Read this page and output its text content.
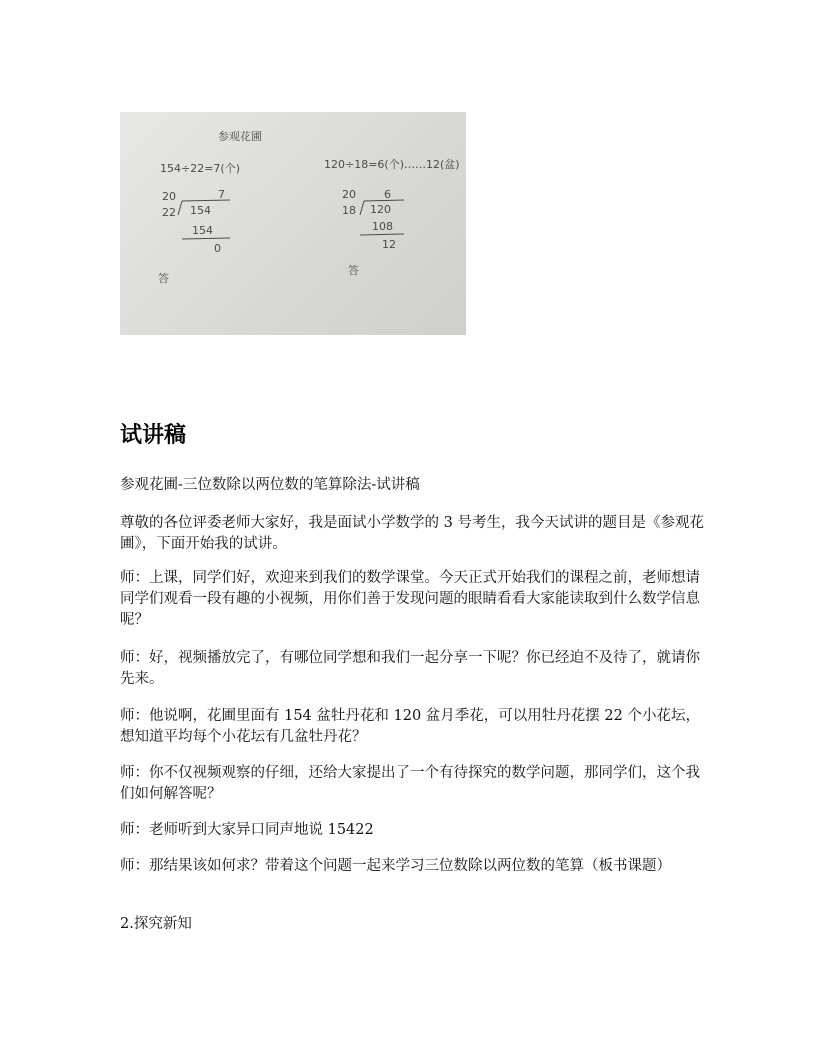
参观花圃
154÷22=7(个)	120÷18=6(个)……12(盆)
20	7
22 154
154
0
答
20	6
18 120
108
12
答
试讲稿
参观花圃-三位数除以两位数的笔算除法-试讲稿
尊敬的各位评委老师大家好，我是面试小学数学的 3 号考生，我今天试讲的题目是《参观花圃》，下面开始我的试讲。
师：上课，同学们好，欢迎来到我们的数学课堂。今天正式开始我们的课程之前，老师想请同学们观看一段有趣的小视频，用你们善于发现问题的眼睛看看大家能读取到什么数学信息呢？
师：好，视频播放完了，有哪位同学想和我们一起分享一下呢？你已经迫不及待了，就请你先来。
师：他说啊，花圃里面有 154 盆牡丹花和 120 盆月季花，可以用牡丹花摆 22 个小花坛，想知道平均每个小花坛有几盆牡丹花？
师：你不仅视频观察的仔细，还给大家提出了一个有待探究的数学问题，那同学们，这个我们如何解答呢？
师：老师听到大家异口同声地说 15422
师：那结果该如何求？带着这个问题一起来学习三位数除以两位数的笔算（板书课题）
2.探究新知
